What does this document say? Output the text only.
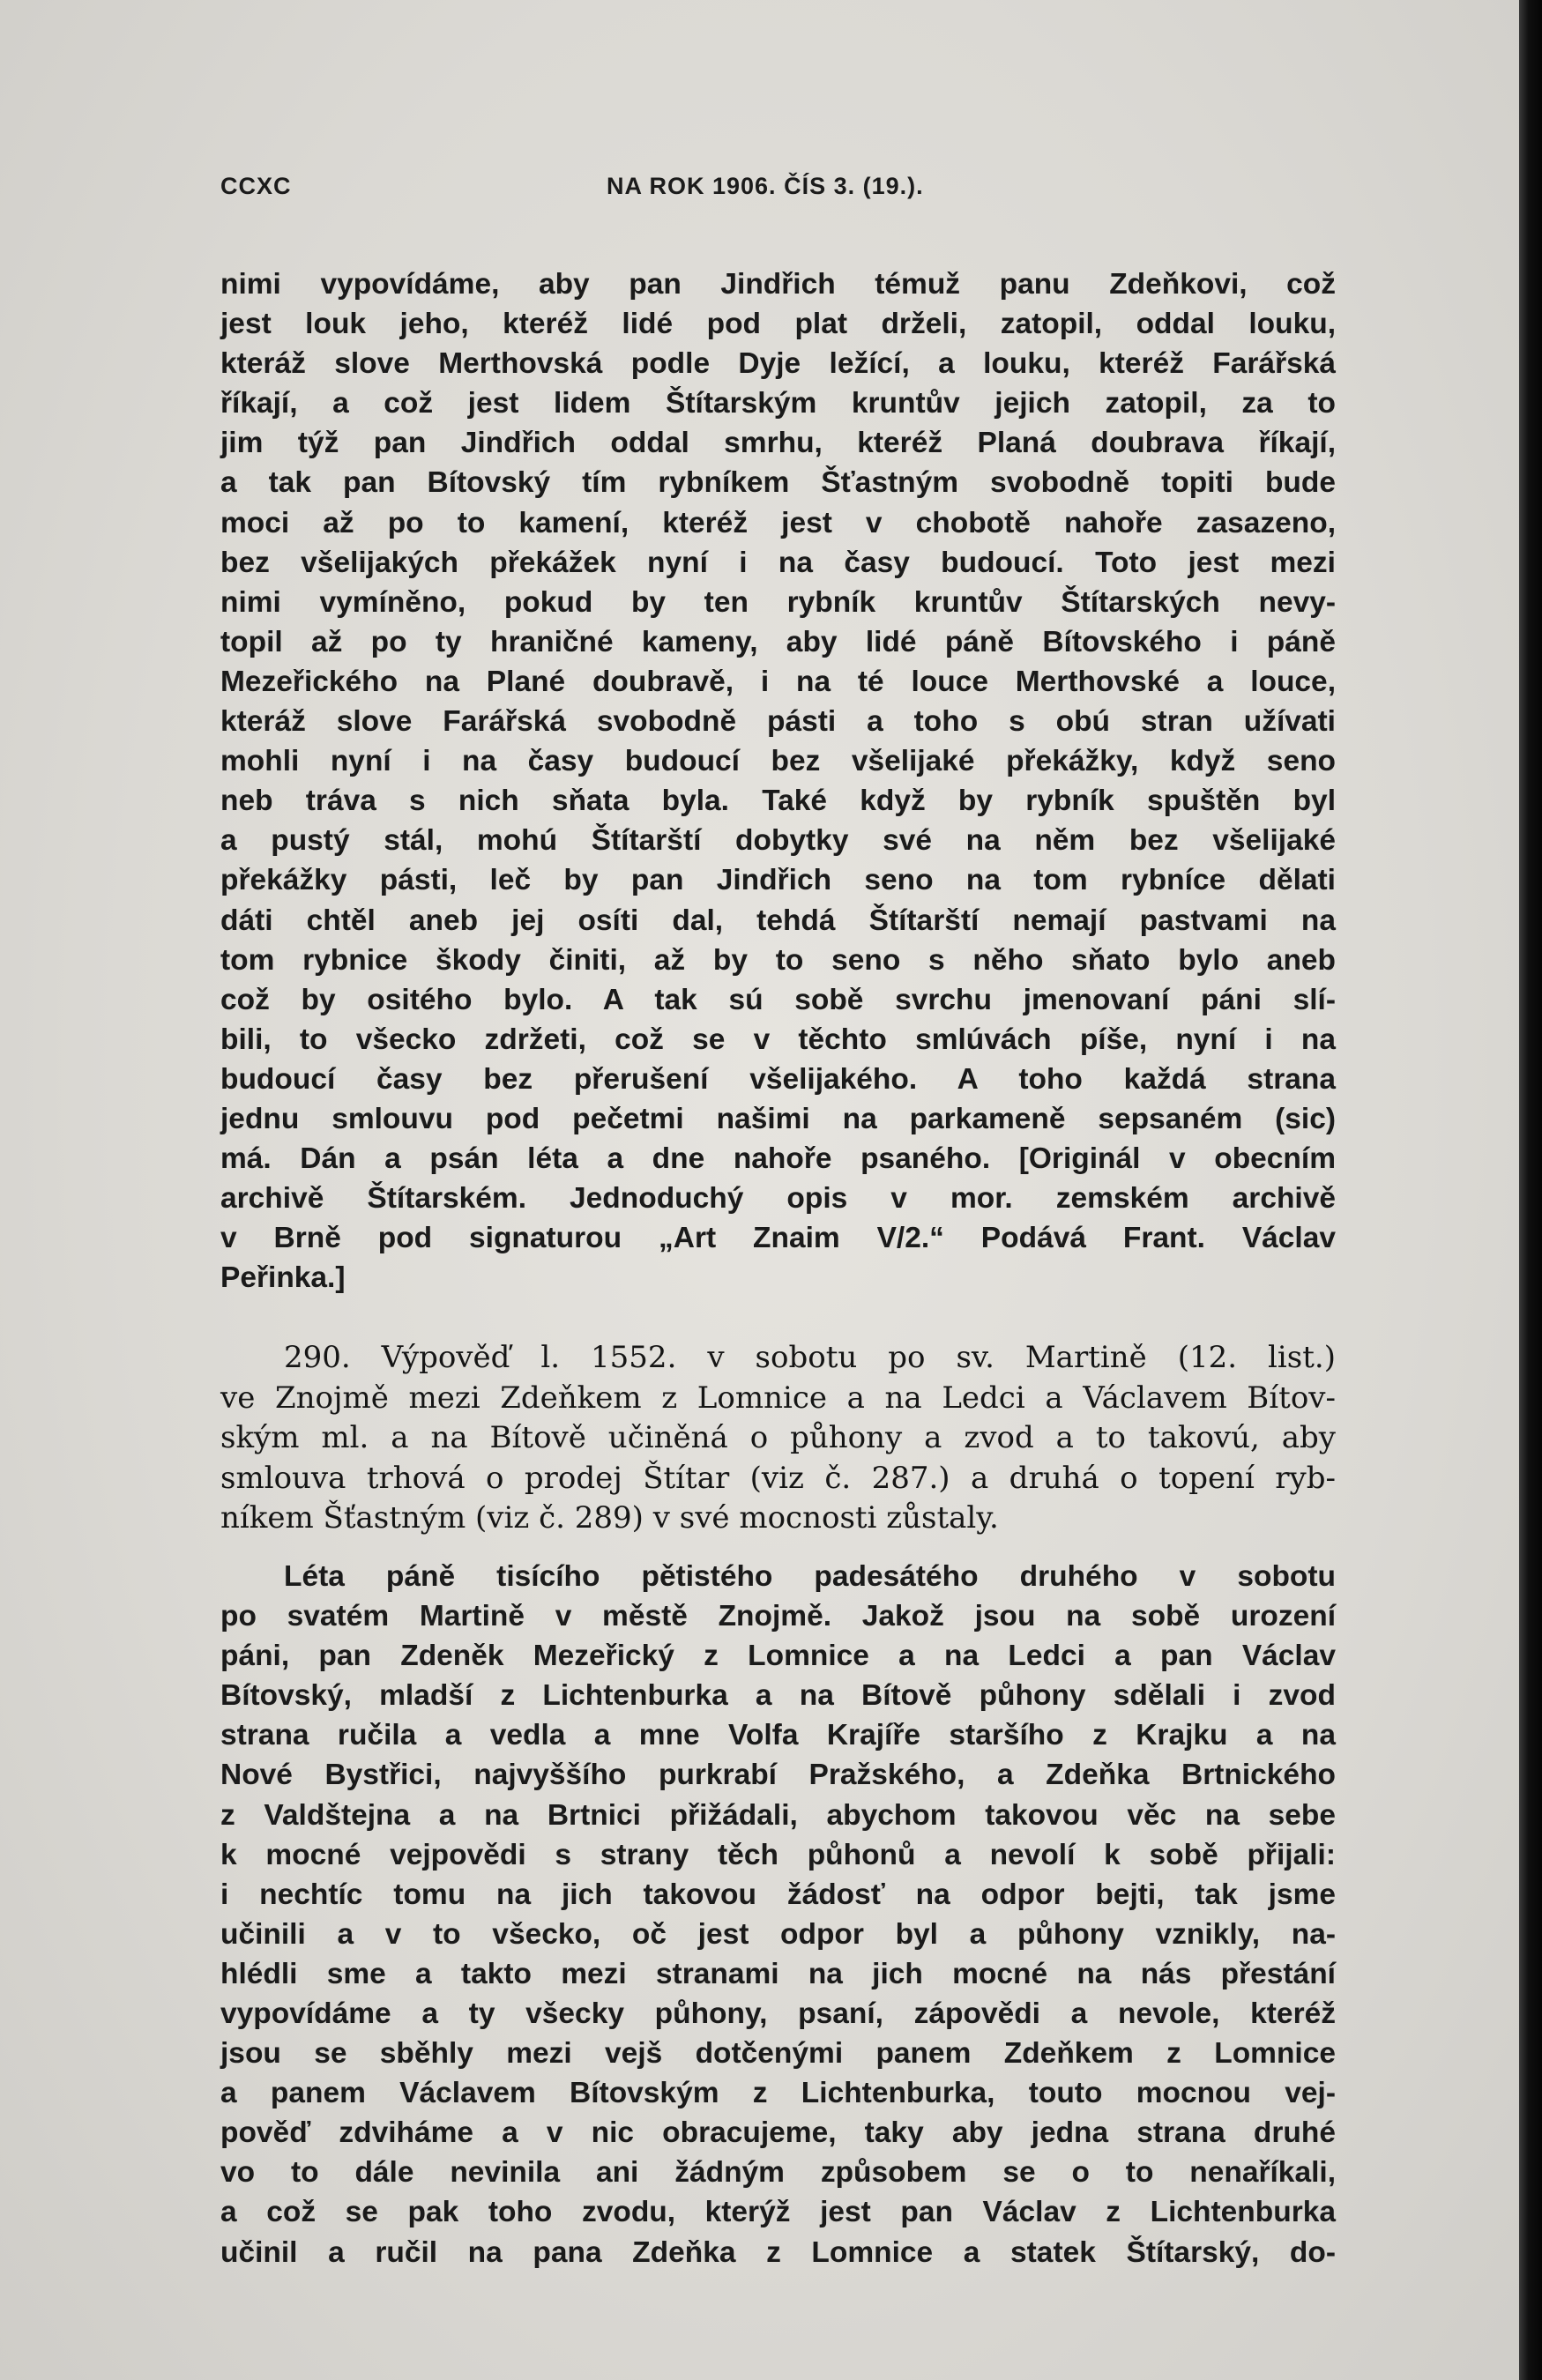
CCXC	NA ROK 1906. ČÍS 3. (19.).
nimi vypovídáme, aby pan Jindřich témuž panu Zdeňkovi, což
jest louk jeho, kteréž lidé pod plat drželi, zatopil, oddal louku,
kteráž slove Merthovská podle Dyje ležící, a louku, kteréž Farářská
říkají, a což jest lidem Štítarským kruntův jejich zatopil, za to
jim týž pan Jindřich oddal smrhu, kteréž Planá doubrava říkají,
a tak pan Bítovský tím rybníkem Šťastným svobodně topiti bude
moci až po to kamení, kteréž jest v chobotě nahoře zasazeno,
bez všelijakých překážek nyní i na časy budoucí. Toto jest mezi
nimi vymíněno, pokud by ten rybník kruntův Štítarských nevy-
topil až po ty hraničné kameny, aby lidé páně Bítovského i páně
Mezeřického na Plané doubravě, i na té louce Merthovské a louce,
kteráž slove Farářská svobodně pásti a toho s obú stran užívati
mohli nyní i na časy budoucí bez všelijaké překážky, když seno
neb tráva s nich sňata byla. Také když by rybník spuštěn byl
a pustý stál, mohú Štítarští dobytky své na něm bez všelijaké
překážky pásti, leč by pan Jindřich seno na tom rybníce dělati
dáti chtěl aneb jej osíti dal, tehdá Štítarští nemají pastvami na
tom rybnice škody činiti, až by to seno s něho sňato bylo aneb
což by ositého bylo. A tak sú sobě svrchu jmenovaní páni slí-
bili, to všecko zdržeti, což se v těchto smlúvách píše, nyní i na
budoucí časy bez přerušení všelijakého. A toho každá strana
jednu smlouvu pod pečetmi našimi na parkameně sepsaném (sic)
má. Dán a psán léta a dne nahoře psaného. [Originál v obecním
archivě Štítarském. Jednoduchý opis v mor. zemském archivě
v Brně pod signaturou „Art Znaim V/2.“ Podává Frant. Václav
Peřinka.]
290. Výpověď l. 1552. v sobotu po sv. Martině (12. list.)
ve Znojmě mezi Zdeňkem z Lomnice a na Ledci a Václavem Bítov-
ským ml. a na Bítově učiněná o půhony a zvod a to takovú, aby
smlouva trhová o prodej Štítar (viz č. 287.) a druhá o topení ryb-
níkem Šťastným (viz č. 289) v své mocnosti zůstaly.
Léta páně tisícího pětistého padesátého druhého v sobotu
po svatém Martině v městě Znojmě. Jakož jsou na sobě urození
páni, pan Zdeněk Mezeřický z Lomnice a na Ledci a pan Václav
Bítovský, mladší z Lichtenburka a na Bítově půhony sdělali i zvod
strana ručila a vedla a mne Volfa Krajíře staršího z Krajku a na
Nové Bystřici, najvyššího purkrabí Pražského, a Zdeňka Brtnického
z Valdštejna a na Brtnici přižádali, abychom takovou věc na sebe
k mocné vejpovědi s strany těch půhonů a nevolí k sobě přijali:
i nechtíc tomu na jich takovou žádosť na odpor bejti, tak jsme
učinili a v to všecko, oč jest odpor byl a půhony vznikly, na-
hlédli sme a takto mezi stranami na jich mocné na nás přestání
vypovídáme a ty všecky půhony, psaní, zápovědi a nevole, kteréž
jsou se sběhly mezi vejš dotčenými panem Zdeňkem z Lomnice
a panem Václavem Bítovským z Lichtenburka, touto mocnou vej-
pověď zdviháme a v nic obracujeme, taky aby jedna strana druhé
vo to dále nevinila ani žádným způsobem se o to nenaříkali,
a což se pak toho zvodu, kterýž jest pan Václav z Lichtenburka
učinil a ručil na pana Zdeňka z Lomnice a statek Štítarský, do-
